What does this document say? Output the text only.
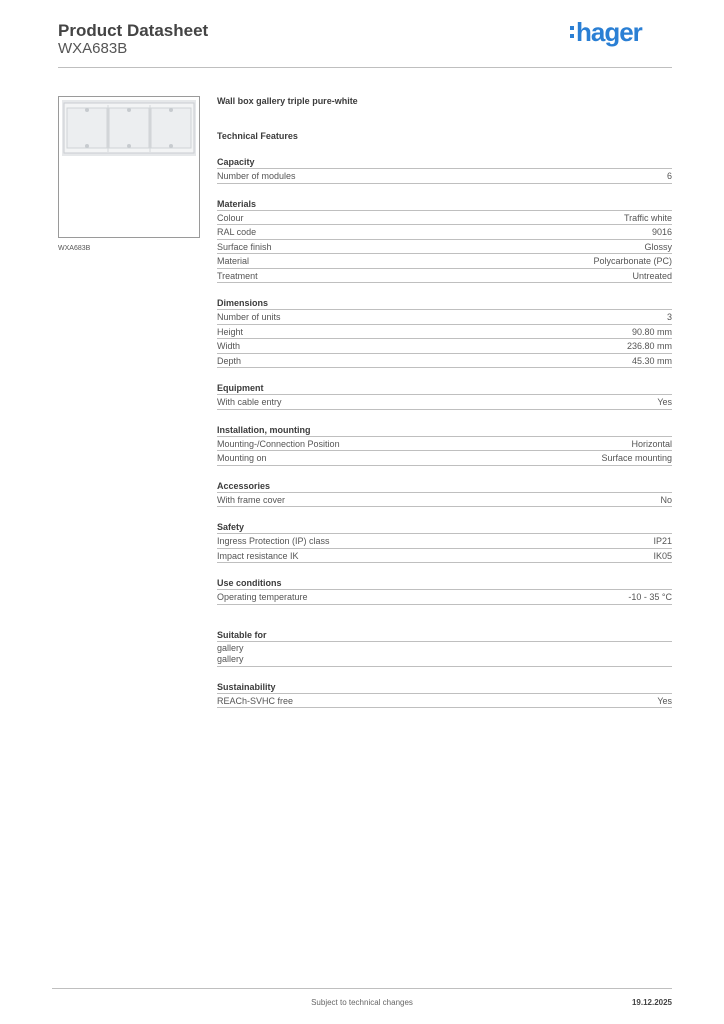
Product Datasheet
WXA683B
hager
WXA683B
Wall box gallery triple pure-white
Technical Features
Capacity
Number of modules	6
Materials
Colour	Traffic white
RAL code	9016
Surface finish	Glossy
Material	Polycarbonate (PC)
Treatment	Untreated
Dimensions
Number of units	3
Height	90.80 mm
Width	236.80 mm
Depth	45.30 mm
Equipment
With cable entry	Yes
Installation, mounting
Mounting-/Connection Position	Horizontal
Mounting on	Surface mounting
Accessories
With frame cover	No
Safety
Ingress Protection (IP) class	IP21
Impact resistance IK	IK05
Use conditions
Operating temperature	-10 - 35 °C
Suitable for
gallery
gallery
Sustainability
REACh-SVHC free	Yes
Subject to technical changes	19.12.2025
